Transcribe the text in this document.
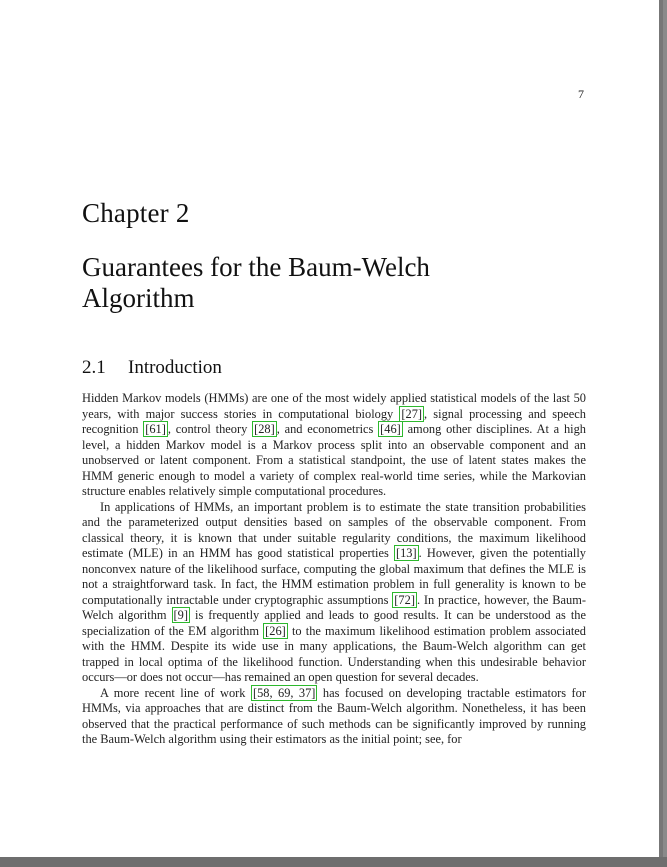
7
Chapter 2
Guarantees for the Baum-Welch
Algorithm
2.1 Introduction

Hidden Markov models (HMMs) are one of the most widely applied statistical models of the last 50 years, with major success stories in computational biology [27] , signal processing and speech recognition [61] , control theory [28] , and econometrics [46] among other disciplines. At a high level, a hidden Markov model is a Markov process split into an observable component and an unobserved or latent component. From a statistical standpoint, the use of latent states makes the HMM generic enough to model a variety of complex real-world time series, while the Markovian structure enables relatively simple computational procedures.

In applications of HMMs, an important problem is to estimate the state transition probabilities and the parameterized output densities based on samples of the observable component. From classical theory, it is known that under suitable regularity conditions, the maximum likelihood estimate (MLE) in an HMM has good statistical properties [13] . However, given the potentially nonconvex nature of the likelihood surface, computing the global maximum that defines the MLE is not a straightforward task. In fact, the HMM estimation problem in full generality is known to be computationally intractable under cryptographic assumptions [72] . In practice, however, the Baum-Welch algorithm [9] is frequently applied and leads to good results. It can be understood as the specialization of the EM algorithm [26] to the maximum likelihood estimation problem associated with the HMM. Despite its wide use in many applications, the Baum-Welch algorithm can get trapped in local optima of the likelihood function. Understanding when this undesirable behavior occurs—or does not occur—has remained an open question for several decades.

A more recent line of work [58, 69, 37] has focused on developing tractable estimators for HMMs, via approaches that are distinct from the Baum-Welch algorithm. Nonetheless, it has been observed that the practical performance of such methods can be significantly improved by running the Baum-Welch algorithm using their estimators as the initial point; see, for
